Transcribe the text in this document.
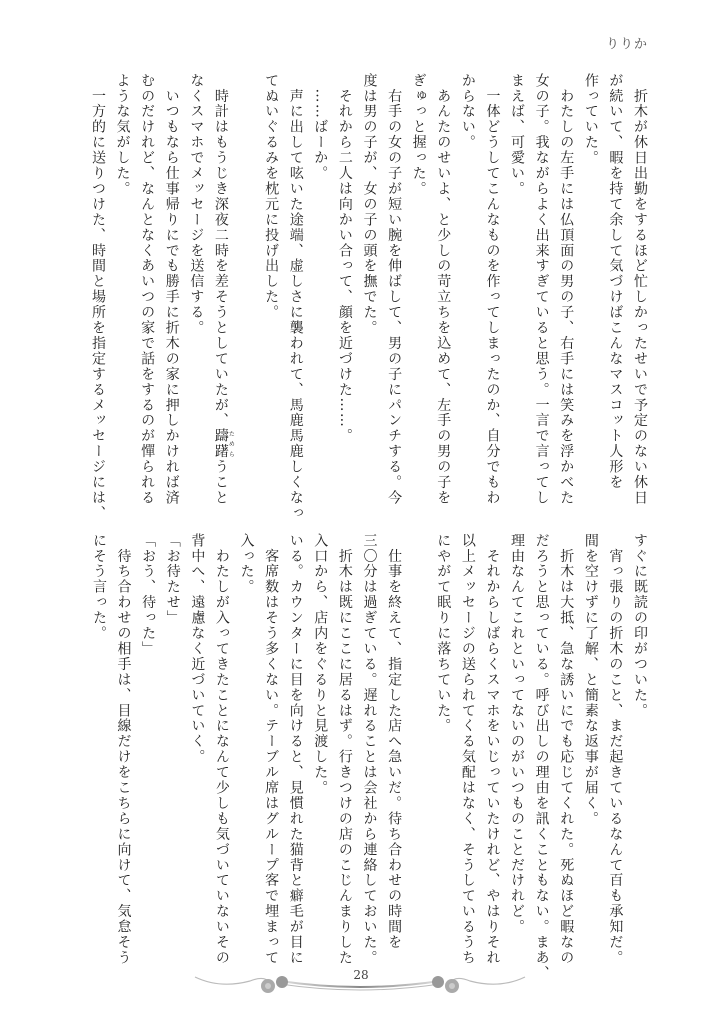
りりか
　折木が休日出勤をするほど忙しかったせいで予定のない休日
が続いて、暇を持て余して気づけばこんなマスコット人形を
作っていた。
　わたしの左手には仏頂面の男の子、右手には笑みを浮かべた
女の子。我ながらよく出来すぎていると思う。一言で言ってし
まえば、可愛い。
　一体どうしてこんなものを作ってしまったのか、自分でもわ
からない。
　あんたのせいよ、と少しの苛立ちを込めて、左手の男の子を
ぎゅっと握った。
　右手の女の子が短い腕を伸ばして、男の子にパンチする。今
度は男の子が、女の子の頭を撫でた。
　それから二人は向かい合って、顔を近づけた……。
　……ばーか。
　声に出して呟いた途端、虚しさに襲われて、馬鹿馬鹿しくなっ
てぬいぐるみを枕元に投げ出した。

　時計はもうじき深夜二時を差そうとしていたが、躊躇ためらうこと
なくスマホでメッセージを送信する。
　いつもなら仕事帰りにでも勝手に折木の家に押しかければ済
むのだけれど、なんとなくあいつの家で話をするのが憚られる
ような気がした。
　一方的に送りつけた、時間と場所を指定するメッセージには、
すぐに既読の印がついた。
　宵っ張りの折木のこと、まだ起きているなんて百も承知だ。
間を空けずに了解、と簡素な返事が届く。
　折木は大抵、急な誘いにでも応じてくれた。死ぬほど暇なの
だろうと思っている。呼び出しの理由を訊くこともない。まあ、
理由なんてこれといってないのがいつものことだけれど。
　それからしばらくスマホをいじっていたけれど、やはりそれ
以上メッセージの送られてくる気配はなく、そうしているうち
にやがて眠りに落ちていた。

　仕事を終えて、指定した店へ急いだ。待ち合わせの時間を
三〇分は過ぎている。遅れることは会社から連絡しておいた。
　折木は既にここに居るはず。行きつけの店のこじんまりした
入口から、店内をぐるりと見渡した。
いる。カウンターに目を向けると、見慣れた猫背と癖毛が目に
　客席数はそう多くない。テーブル席はグループ客で埋まって
入った。
　わたしが入ってきたことになんて少しも気づいていないその
背中へ、遠慮なく近づいていく。
「お待たせ」
「おう、待った」
　待ち合わせの相手は、目線だけをこちらに向けて、気怠そう
にそう言った。
28
